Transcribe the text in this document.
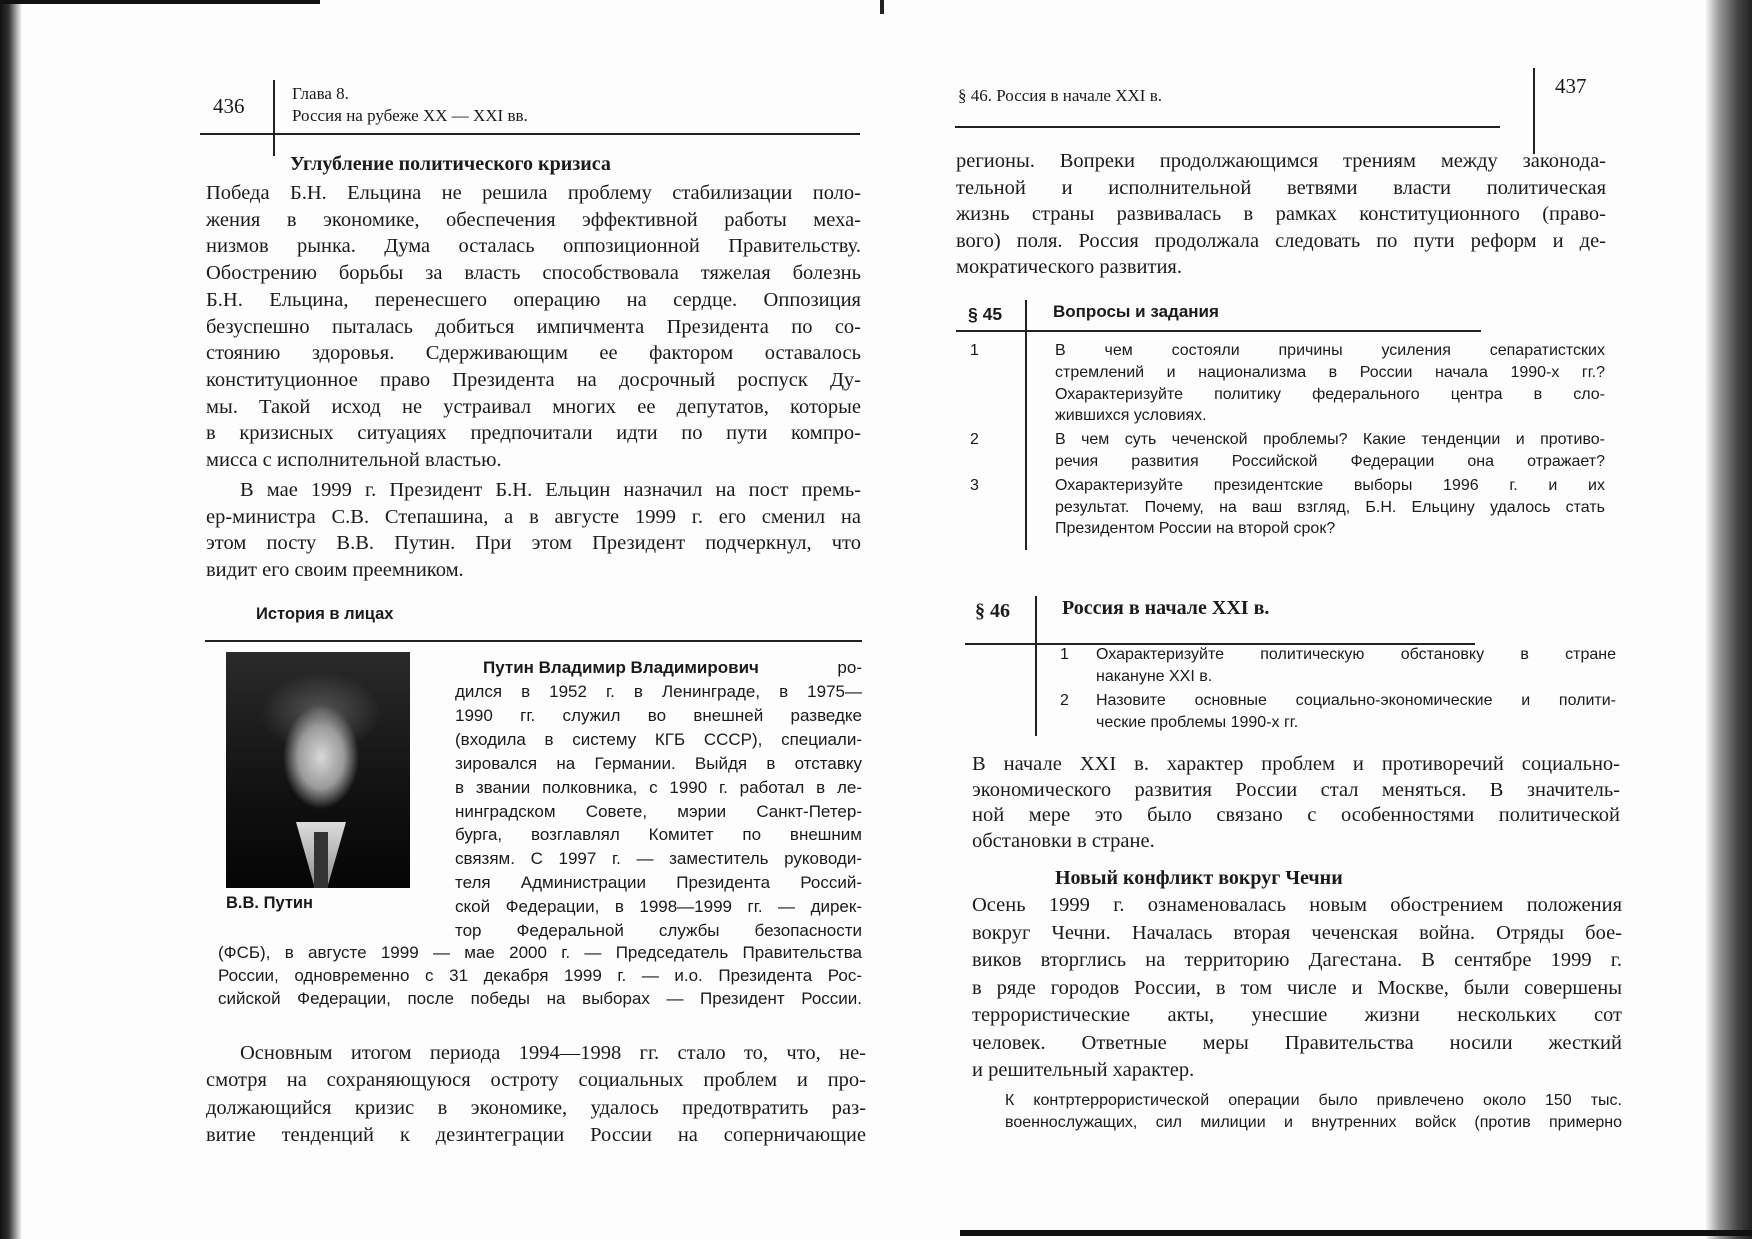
436
Глава 8.
Россия на рубеже XX — XXI вв.
Углубление политического кризиса
Победа Б.Н. Ельцина не решила проблему стабилизации поло-
жения в экономике, обеспечения эффективной работы меха-
низмов рынка. Дума осталась оппозиционной Правительству.
Обострению борьбы за власть способствовала тяжелая болезнь
Б.Н. Ельцина, перенесшего операцию на сердце. Оппозиция
безуспешно пыталась добиться импичмента Президента по со-
стоянию здоровья. Сдерживающим ее фактором оставалось
конституционное право Президента на досрочный роспуск Ду-
мы. Такой исход не устраивал многих ее депутатов, которые
в кризисных ситуациях предпочитали идти по пути компро-
мисса с исполнительной властью.
В мае 1999 г. Президент Б.Н. Ельцин назначил на пост премь-
ер-министра С.В. Степашина, а в августе 1999 г. его сменил на
этом посту В.В. Путин. При этом Президент подчеркнул, что
видит его своим преемником.
История в лицах
В.В. Путин
Путин Владимир Владимирович	ро-
дился в 1952 г. в Ленинграде, в 1975—
1990 гг. служил во внешней разведке
(входила в систему КГБ СССР), специали-
зировался на Германии. Выйдя в отставку
в звании полковника, с 1990 г. работал в ле-
нинградском Совете, мэрии Санкт-Петер-
бурга, возглавлял Комитет по внешним
связям. С 1997 г. — заместитель руководи-
теля Администрации Президента Россий-
ской Федерации, в 1998—1999 гг. — дирек-
тор Федеральной службы безопасности
(ФСБ), в августе 1999 — мае 2000 г. — Председатель Правительства
России, одновременно с 31 декабря 1999 г. — и.о. Президента Рос-
сийской Федерации, после победы на выборах — Президент России.
Основным итогом периода 1994—1998 гг. стало то, что, не-
смотря на сохраняющуюся остроту социальных проблем и про-
должающийся кризис в экономике, удалось предотвратить раз-
витие тенденций к дезинтеграции России на соперничающие
§ 46. Россия в начале XXI в.	437
регионы. Вопреки продолжающимся трениям между законода-
тельной и исполнительной ветвями власти политическая
жизнь страны развивалась в рамках конституционного (право-
вого) поля. Россия продолжала следовать по пути реформ и де-
мократического развития.
§ 45	Вопросы и задания
1	В чем состояли причины усиления сепаратистских
стремлений и национализма в России начала 1990-х гг.?
Охарактеризуйте политику федерального центра в сло-
жившихся условиях.
2	В чем суть чеченской проблемы? Какие тенденции и противо-
речия развития Российской Федерации она отражает?
3	Охарактеризуйте президентские выборы 1996 г. и их
результат. Почему, на ваш взгляд, Б.Н. Ельцину удалось стать
Президентом России на второй срок?
§ 46	Россия в начале XXI в.
1	Охарактеризуйте политическую обстановку в стране
накануне XXI в.
2	Назовите основные социально-экономические и полити-
ческие проблемы 1990-х гг.
В начале XXI в. характер проблем и противоречий социально-
экономического развития России стал меняться. В значитель-
ной мере это было связано с особенностями политической
обстановки в стране.
Новый конфликт вокруг Чечни
Осень 1999 г. ознаменовалась новым обострением положения
вокруг Чечни. Началась вторая чеченская война. Отряды бое-
виков вторглись на территорию Дагестана. В сентябре 1999 г.
в ряде городов России, в том числе и Москве, были совершены
террористические акты, унесшие жизни нескольких сот
человек. Ответные меры Правительства носили жесткий
и решительный характер.
К контртеррористической операции было привлечено около 150 тыс.
военнослужащих, сил милиции и внутренних войск (против примерно
